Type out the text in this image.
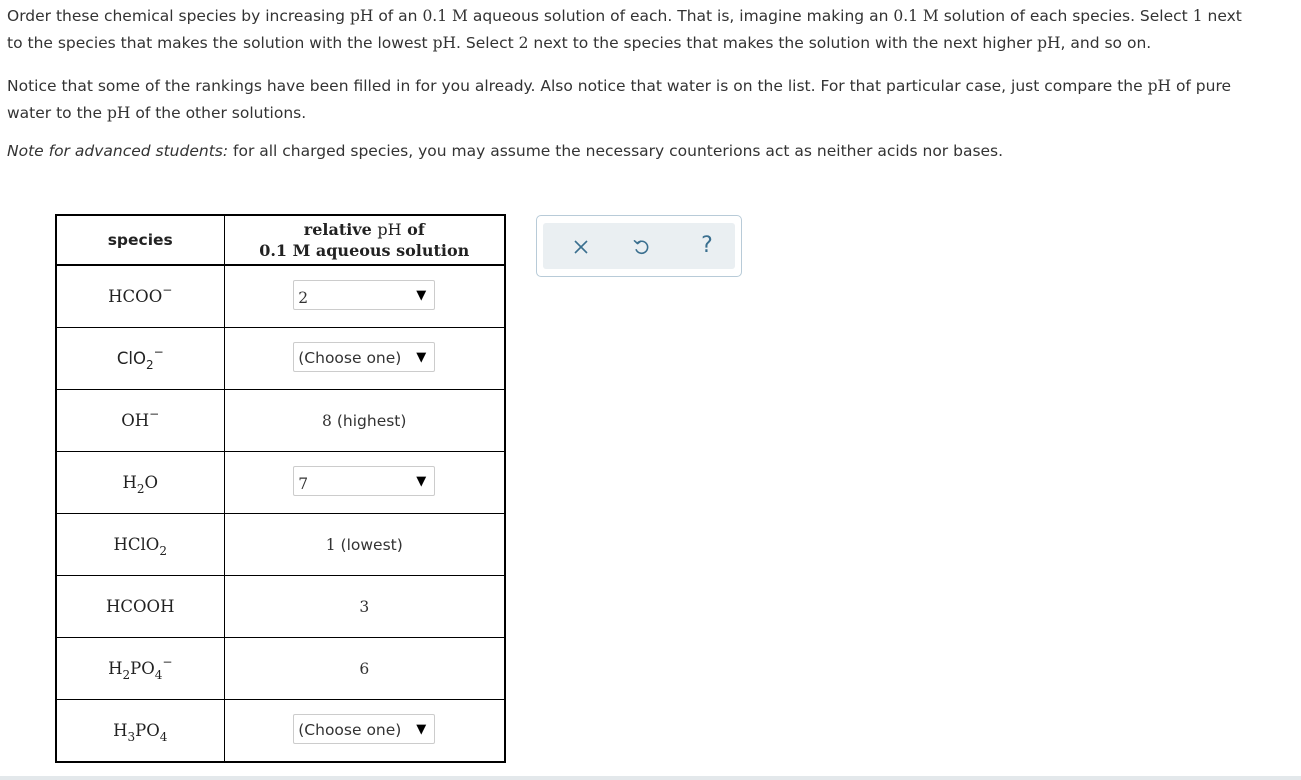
Order these chemical species by increasing pH of an 0.1 M aqueous solution of each. That is, imagine making an 0.1 M solution of each species. Select 1 next

to the species that makes the solution with the lowest pH. Select 2 next to the species that makes the solution with the next higher pH, and so on.

Notice that some of the rankings have been filled in for you already. Also notice that water is on the list. For that particular case, just compare the pH of pure

water to the pH of the other solutions.

Note for advanced students: for all charged species, you may assume the necessary counterions act as neither acids nor bases.

species	relative pH of
0.1 M aqueous solution
HCOO−	2 ▼

ClO$_2$−	(Choose one) ▼

OH−	8 (highest)
$H_2O$	7 ▼

HClO$_2$	1 (lowest)
HCOOH	3
$H_2PO_4^-$	6
$H_3PO_4$	(Choose one) ▼
?
